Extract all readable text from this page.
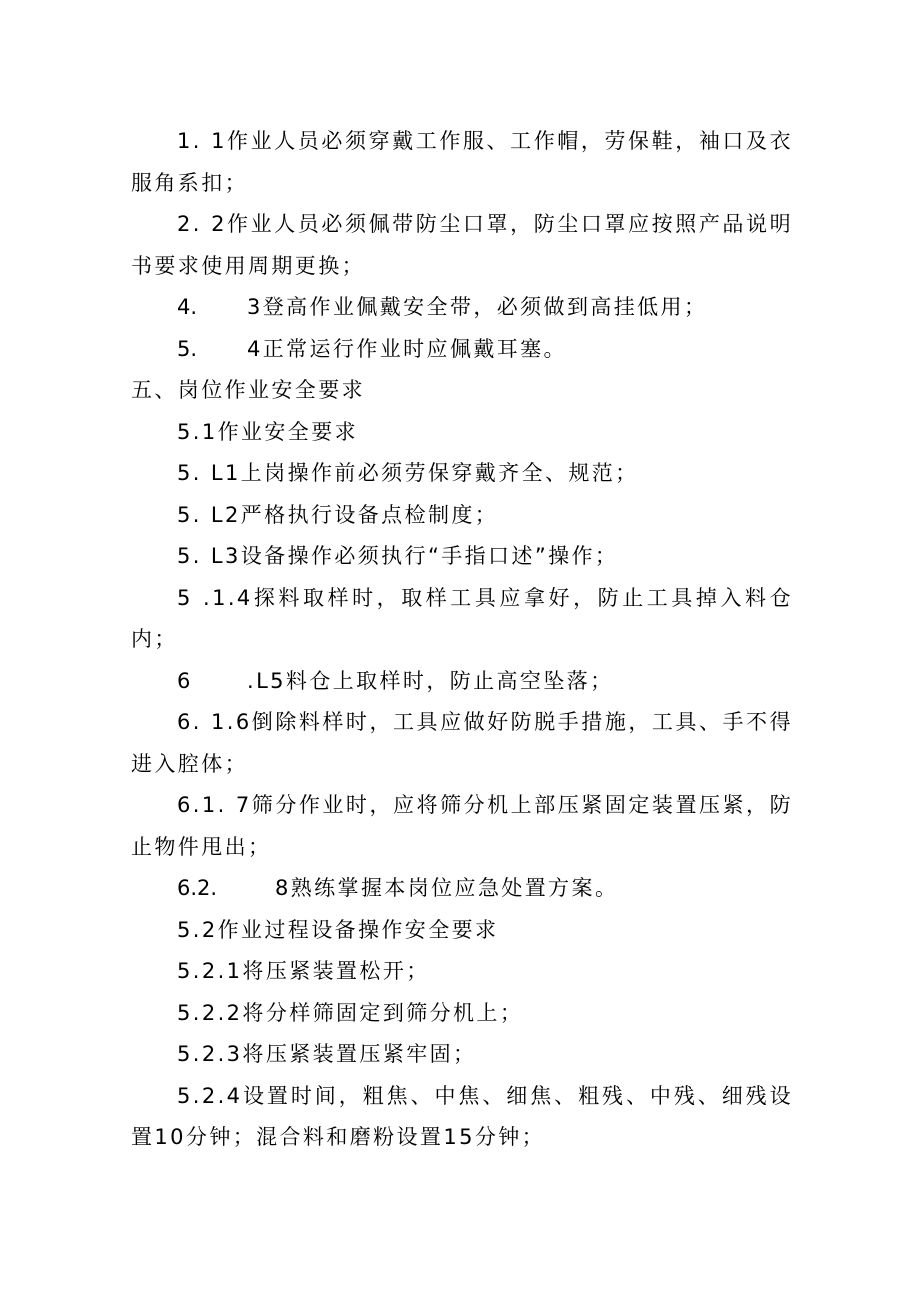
1. 1作业人员必须穿戴工作服、工作帽，劳保鞋，袖口及衣服角系扣；

2. 2作业人员必须佩带防尘口罩，防尘口罩应按照产品说明书要求使用周期更换；

4. 3登高作业佩戴安全带，必须做到高挂低用；

5. 4正常运行作业时应佩戴耳塞。

五、岗位作业安全要求

5.1作业安全要求

5. L1上岗操作前必须劳保穿戴齐全、规范；

5. L2严格执行设备点检制度；

5. L3设备操作必须执行“手指口述”操作；

5 .1.4探料取样时，取样工具应拿好，防止工具掉入料仓内；

6	.L5料仓上取样时，防止高空坠落；

6. 1.6倒除料样时，工具应做好防脱手措施，工具、手不得进入腔体；

6.1. 7筛分作业时，应将筛分机上部压紧固定装置压紧，防止物件甩出；

6.2.	8熟练掌握本岗位应急处置方案。

5.2作业过程设备操作安全要求

5.2.1将压紧装置松开；

5.2.2将分样筛固定到筛分机上；

5.2.3将压紧装置压紧牢固；

5.2.4设置时间，粗焦、中焦、细焦、粗残、中残、细残设置10分钟；混合料和磨粉设置15分钟；
